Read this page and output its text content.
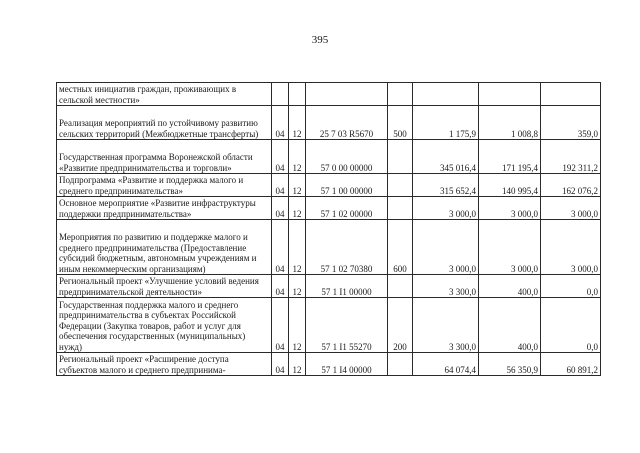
395
местных инициатив граждан, проживающих в сельской местности»							
Реализация мероприятий по устойчивому развитию сельских территорий (Межбюджетные трансферты)	04	12	25 7 03 R5670	500	1 175,9	1 008,8	359,0
Государственная программа Воронежской области «Развитие предпринимательства и торговли»	04	12	57 0 00 00000		345 016,4	171 195,4	192 311,2
Подпрограмма «Развитие и поддержка малого и среднего предпринимательства»	04	12	57 1 00 00000		315 652,4	140 995,4	162 076,2
Основное мероприятие «Развитие инфраструктуры поддержки предпринимательства»	04	12	57 1 02 00000		3 000,0	3 000,0	3 000,0
Мероприятия по развитию и поддержке малого и среднего предпринимательства (Предоставление субсидий бюджетным, автономным учреждениям и иным некоммерческим организациям)	04	12	57 1 02 70380	600	3 000,0	3 000,0	3 000,0
Региональный проект «Улучшение условий ведения предпринимательской деятельности»	04	12	57 1 I1 00000		3 300,0	400,0	0,0
Государственная поддержка малого и среднего предпринимательства в субъектах Российской Федерации (Закупка товаров, работ и услуг для обеспечения государственных (муниципальных) нужд)	04	12	57 1 I1 55270	200	3 300,0	400,0	0,0
Региональный проект «Расширение доступа субъектов малого и среднего предпринима-	04	12	57 1 I4 00000		64 074,4	56 350,9	60 891,2
